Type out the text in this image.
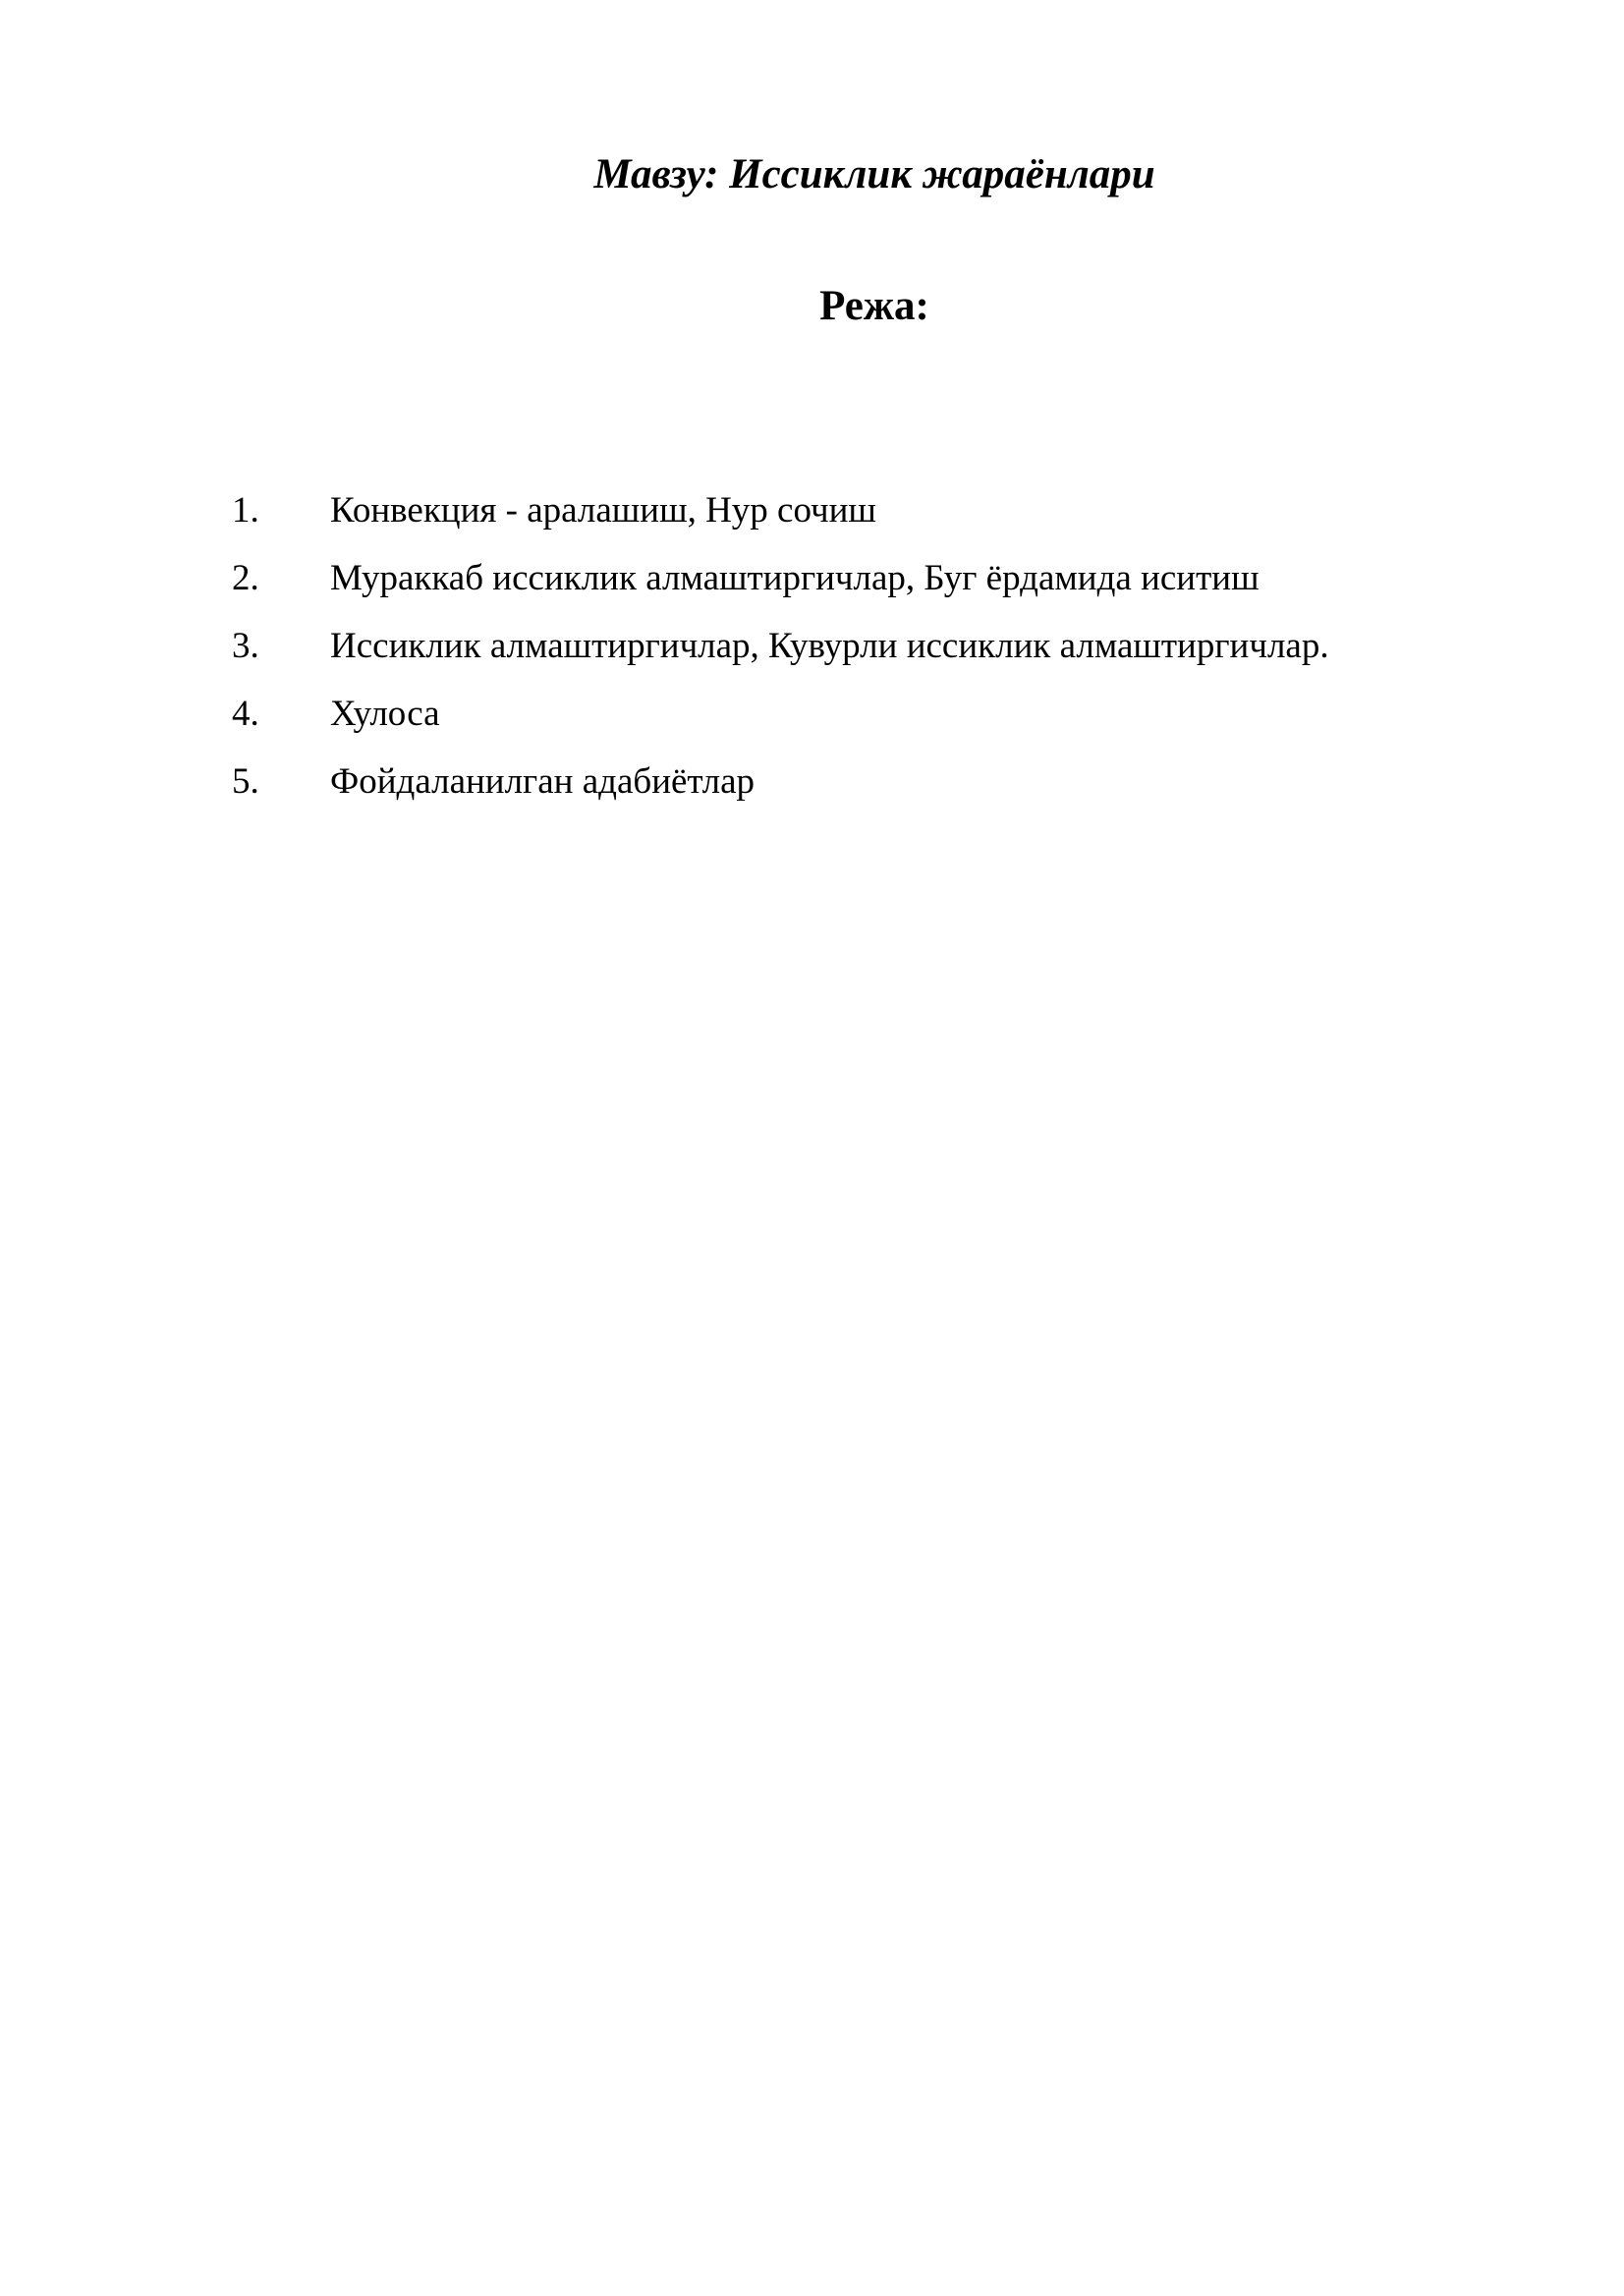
Мавзу: Иссиклик жараёнлари
Режа:
1.	Конвекция - аралашиш, Нур сочиш
2.	Мураккаб иссиклик алмаштиргичлар, Буг ёрдамида иситиш
3.	Иссиклик алмаштиргичлар, Кувурли иссиклик алмаштиргичлар.
4.	Хулоса
5.	Фойдаланилган адабиётлар
